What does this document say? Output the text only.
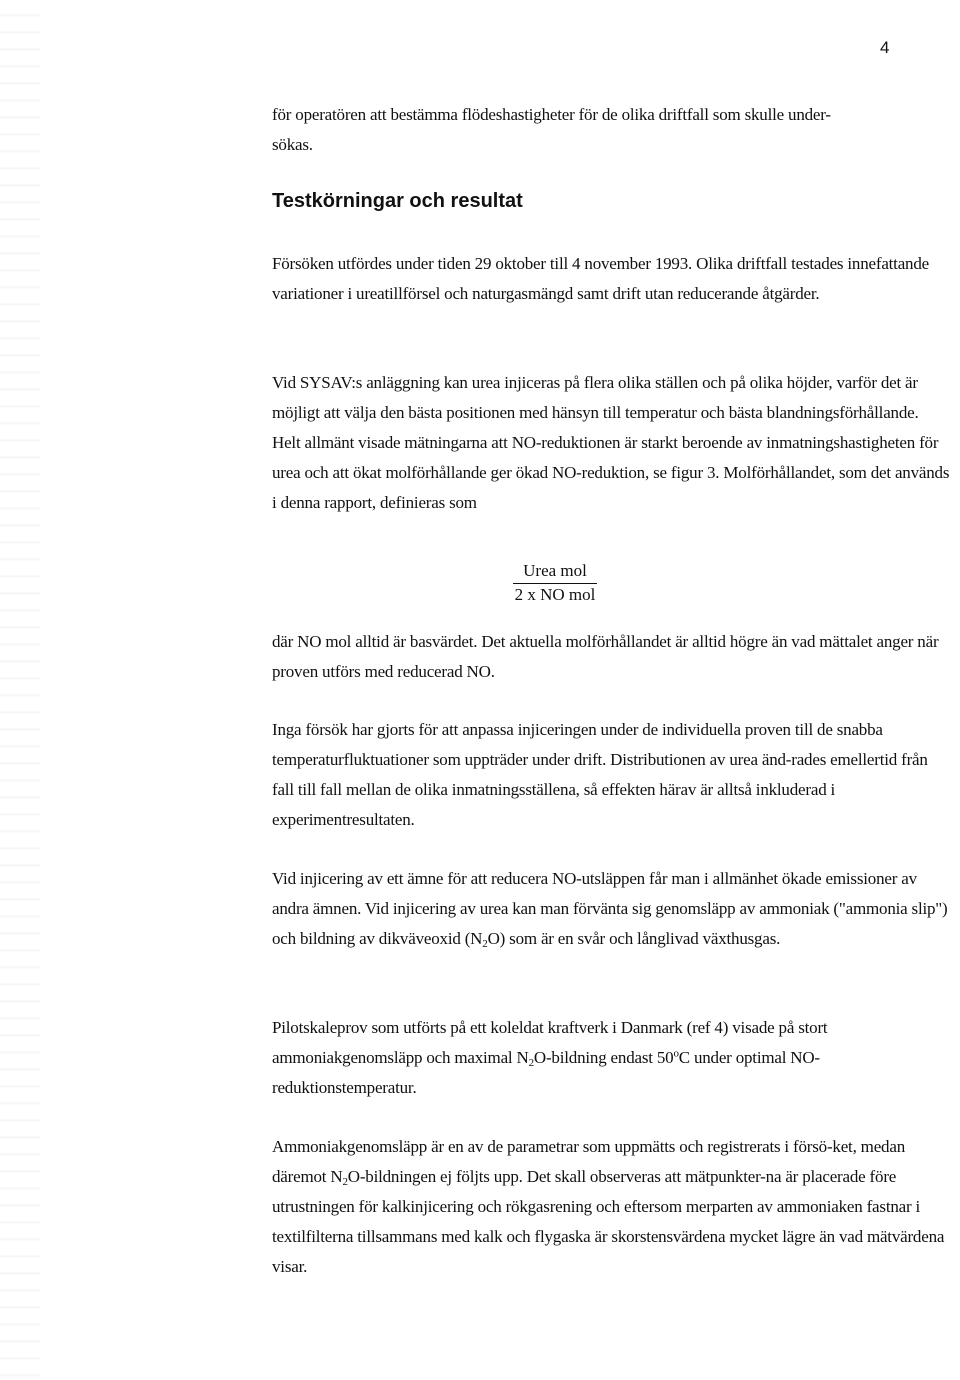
4

för operatören att bestämma flödeshastigheter för de olika driftfall som skulle under-

sökas.

Testkörningar och resultat

Försöken utfördes under tiden 29 oktober till 4 november 1993. Olika driftfall testades innefattande variationer i ureatillförsel och naturgasmängd samt drift utan reducerande åtgärder.

Vid SYSAV:s anläggning kan urea injiceras på flera olika ställen och på olika höjder, varför det är möjligt att välja den bästa positionen med hänsyn till temperatur och bästa blandningsförhållande. Helt allmänt visade mätningarna att NO-reduktionen är starkt beroende av inmatningshastigheten för urea och att ökat molförhållande ger ökad NO-reduktion, se figur 3. Molförhållandet, som det används i denna rapport, definieras som

Urea mol
2 x NO mol

där NO mol alltid är basvärdet. Det aktuella molförhållandet är alltid högre än vad mättalet anger när proven utförs med reducerad NO.

Inga försök har gjorts för att anpassa injiceringen under de individuella proven till de snabba temperaturfluktuationer som uppträder under drift. Distributionen av urea änd-rades emellertid från fall till fall mellan de olika inmatningsställena, så effekten härav är alltså inkluderad i experimentresultaten.

Vid injicering av ett ämne för att reducera NO-utsläppen får man i allmänhet ökade emissioner av andra ämnen. Vid injicering av urea kan man förvänta sig genomsläpp av ammoniak ("ammonia slip") och bildning av dikväveoxid $(N_2O)$ som är en svår och långlivad växthusgas.

Pilotskaleprov som utförts på ett koleldat kraftverk i Danmark (ref 4) visade på stort ammoniakgenomsläpp och maximal $N_2O$-bildning endast 50$^o$C under optimal NO-reduktionstemperatur.

Ammoniakgenomsläpp är en av de parametrar som uppmätts och registrerats i försö-ket, medan däremot $N_2O$-bildningen ej följts upp. Det skall observeras att mätpunkter-na är placerade före utrustningen för kalkinjicering och rökgasrening och eftersom merparten av ammoniaken fastnar i textilfilterna tillsammans med kalk och flygaska är skorstensvärdena mycket lägre än vad mätvärdena visar.
